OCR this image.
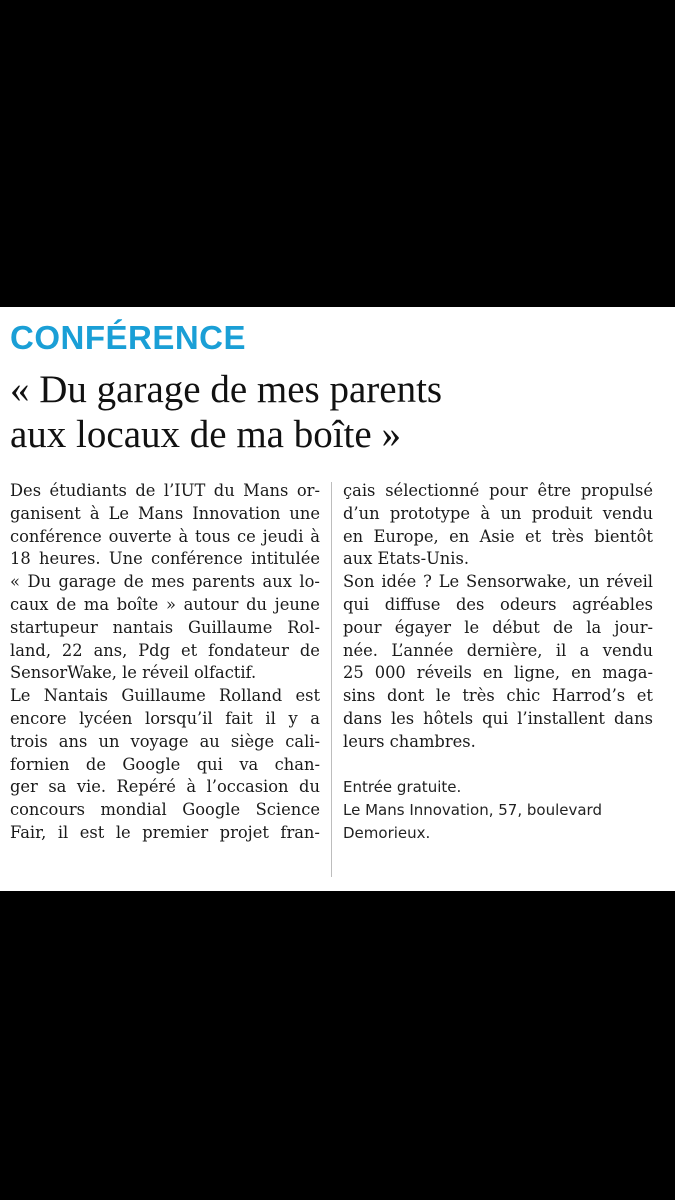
CONFÉRENCE
« Du garage de mes parents
aux locaux de ma boîte »
Des étudiants de l’IUT du Mans or-
ganisent à Le Mans Innovation une
conférence ouverte à tous ce jeudi à
18 heures. Une conférence intitulée
« Du garage de mes parents aux lo-
caux de ma boîte » autour du jeune
startupeur nantais Guillaume Rol-
land, 22 ans, Pdg et fondateur de
SensorWake, le réveil olfactif.
Le Nantais Guillaume Rolland est
encore lycéen lorsqu’il fait il y a
trois ans un voyage au siège cali-
fornien de Google qui va chan-
ger sa vie. Repéré à l’occasion du
concours mondial Google Science
Fair, il est le premier projet fran-
çais sélectionné pour être propulsé
d’un prototype à un produit vendu
en Europe, en Asie et très bientôt
aux Etats-Unis.
Son idée ? Le Sensorwake, un réveil
qui diffuse des odeurs agréables
pour égayer le début de la jour-
née. L’année dernière, il a vendu
25 000 réveils en ligne, en maga-
sins dont le très chic Harrod’s et
dans les hôtels qui l’installent dans
leurs chambres.
Entrée gratuite.
Le Mans Innovation, 57, boulevard
Demorieux.
